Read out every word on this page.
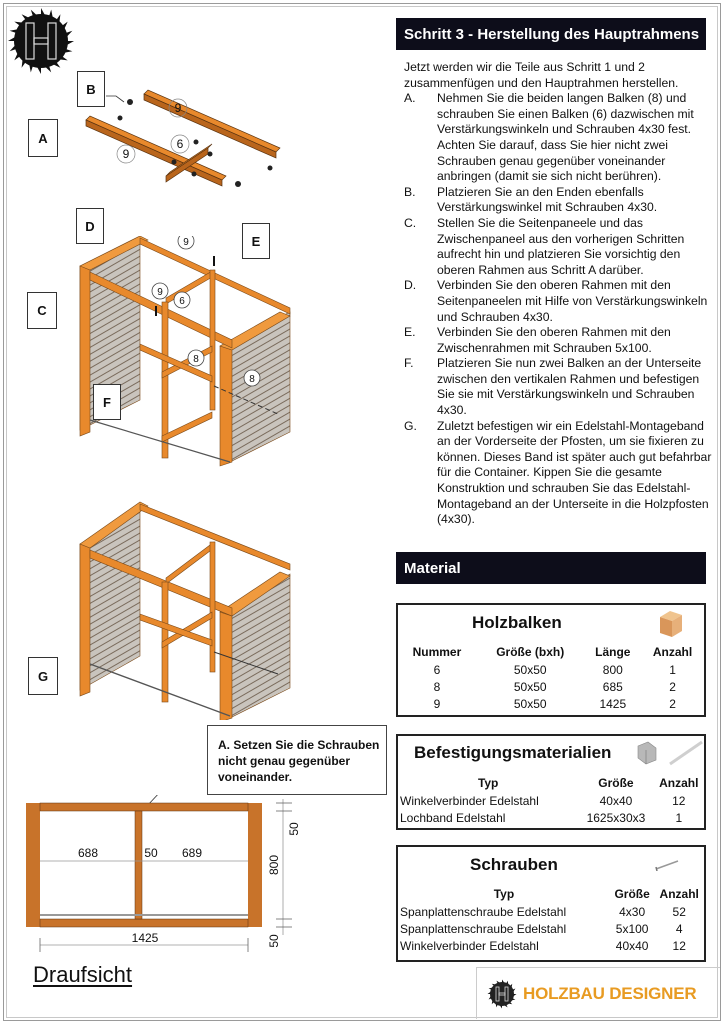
9
9
6
B
A
9
9
6
8
8
D
E
C
F
G
A. Setzen Sie die Schrauben nicht genau gegenüber voneinander.
688	50 689
1425
50
800
50
Draufsicht
Schritt 3 - Herstellung des Hauptrahmens
Jetzt werden wir die Teile aus Schritt 1 und 2 zusammenfügen und den Hauptrahmen herstellen.
A.	Nehmen Sie die beiden langen Balken (8) und schrauben Sie einen Balken (6) dazwischen mit Verstärkungswinkeln und Schrauben 4x30 fest. Achten Sie darauf, dass Sie hier nicht zwei Schrauben genau gegenüber voneinander anbringen (damit sie sich nicht berühren).
B.	Platzieren Sie an den Enden ebenfalls Verstärkungswinkel mit Schrauben 4x30.
C.	Stellen Sie die Seitenpaneele und das Zwischenpaneel aus den vorherigen Schritten aufrecht hin und platzieren Sie vorsichtig den oberen Rahmen aus Schritt A darüber.
D.	Verbinden Sie den oberen Rahmen mit den Seitenpaneelen mit Hilfe von Verstärkungswinkeln und Schrauben 4x30.
E.	Verbinden Sie den oberen Rahmen mit den Zwischenrahmen mit Schrauben 5x100.
F.	Platzieren Sie nun zwei Balken an der Unterseite zwischen den vertikalen Rahmen und befestigen Sie sie mit Verstärkungswinkeln und Schrauben 4x30.
G.	Zuletzt befestigen wir ein Edelstahl-Montageband an der Vorderseite der Pfosten, um sie fixieren zu können. Dieses Band ist später auch gut befahrbar für die Container. Kippen Sie die gesamte Konstruktion und schrauben Sie das Edelstahl-Montageband an der Unterseite in die Holzpfosten (4x30).
Material
Holzbalken
Nummer	Größe (bxh)	Länge	Anzahl
6	50x50	800	1
8	50x50	685	2
9	50x50	1425	2
Befestigungsmaterialien
Typ	Größe	Anzahl
Winkelverbinder Edelstahl	40x40	12
Lochband Edelstahl	1625x30x3	1
Schrauben
Typ	Größe	Anzahl
Spanplattenschraube Edelstahl	4x30	52
Spanplattenschraube Edelstahl	5x100	4
Winkelverbinder Edelstahl	40x40	12
HOLZBAU DESIGNER
